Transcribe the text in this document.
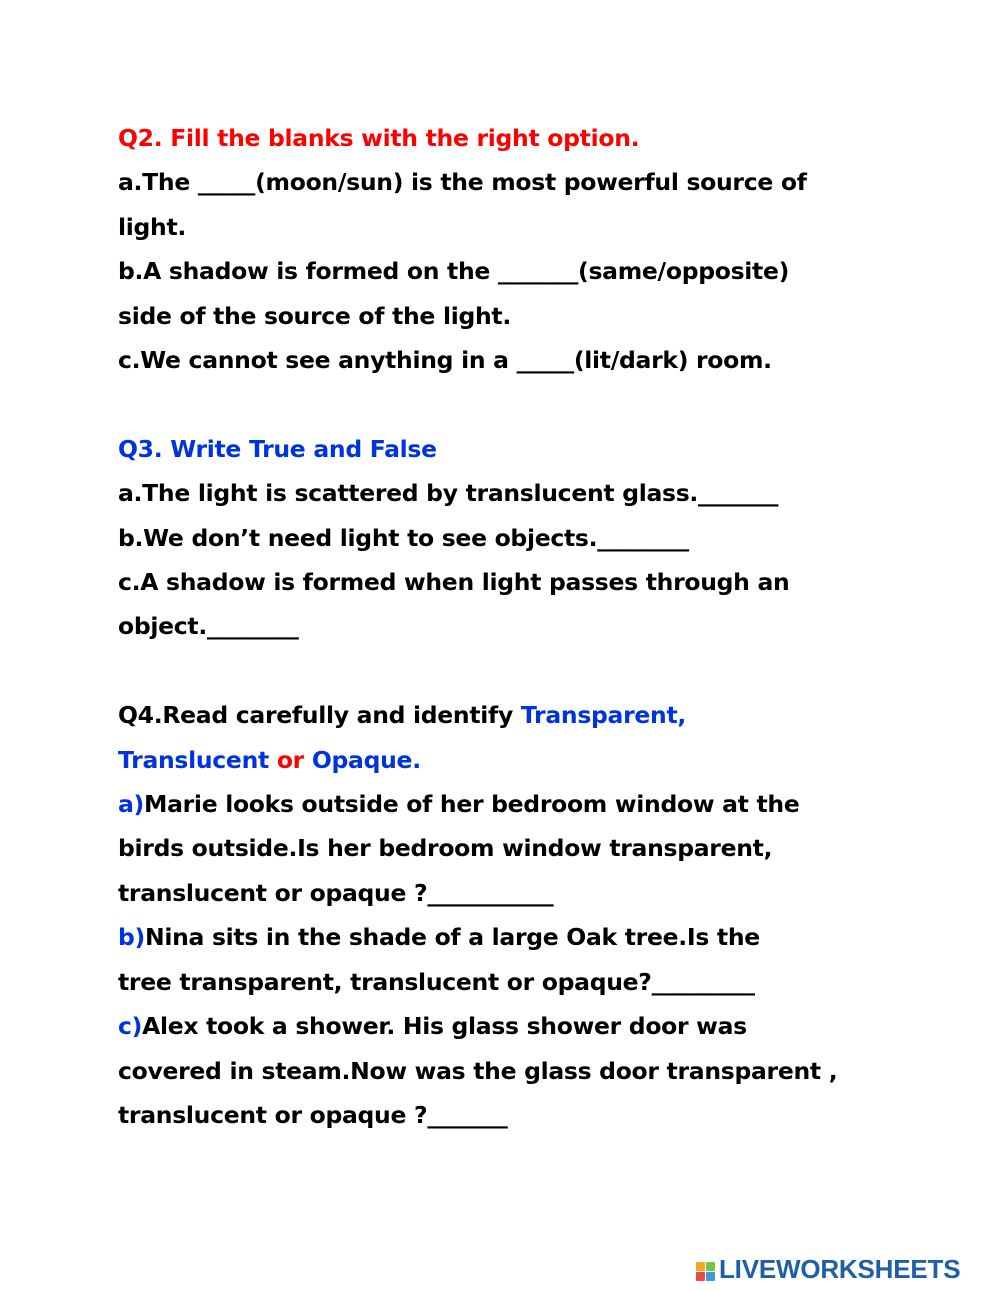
Q2. Fill the blanks with the right option.
a.The _____(moon/sun) is the most powerful source of
light.
b.A shadow is formed on the _______(same/opposite)
side of the source of the light.
c.We cannot see anything in a _____(lit/dark) room.
Q3. Write True and False
a.The light is scattered by translucent glass._______
b.We don’t need light to see objects.________
c.A shadow is formed when light passes through an
object.________
Q4.Read carefully and identify Transparent,
Translucent or Opaque.
a)Marie looks outside of her bedroom window at the
birds outside.Is her bedroom window transparent,
translucent or opaque ?___________
b)Nina sits in the shade of a large Oak tree.Is the
tree transparent, translucent or opaque?_________
c)Alex took a shower. His glass shower door was
covered in steam.Now was the glass door transparent ,
translucent or opaque ?_______
LIVEWORKSHEETS
